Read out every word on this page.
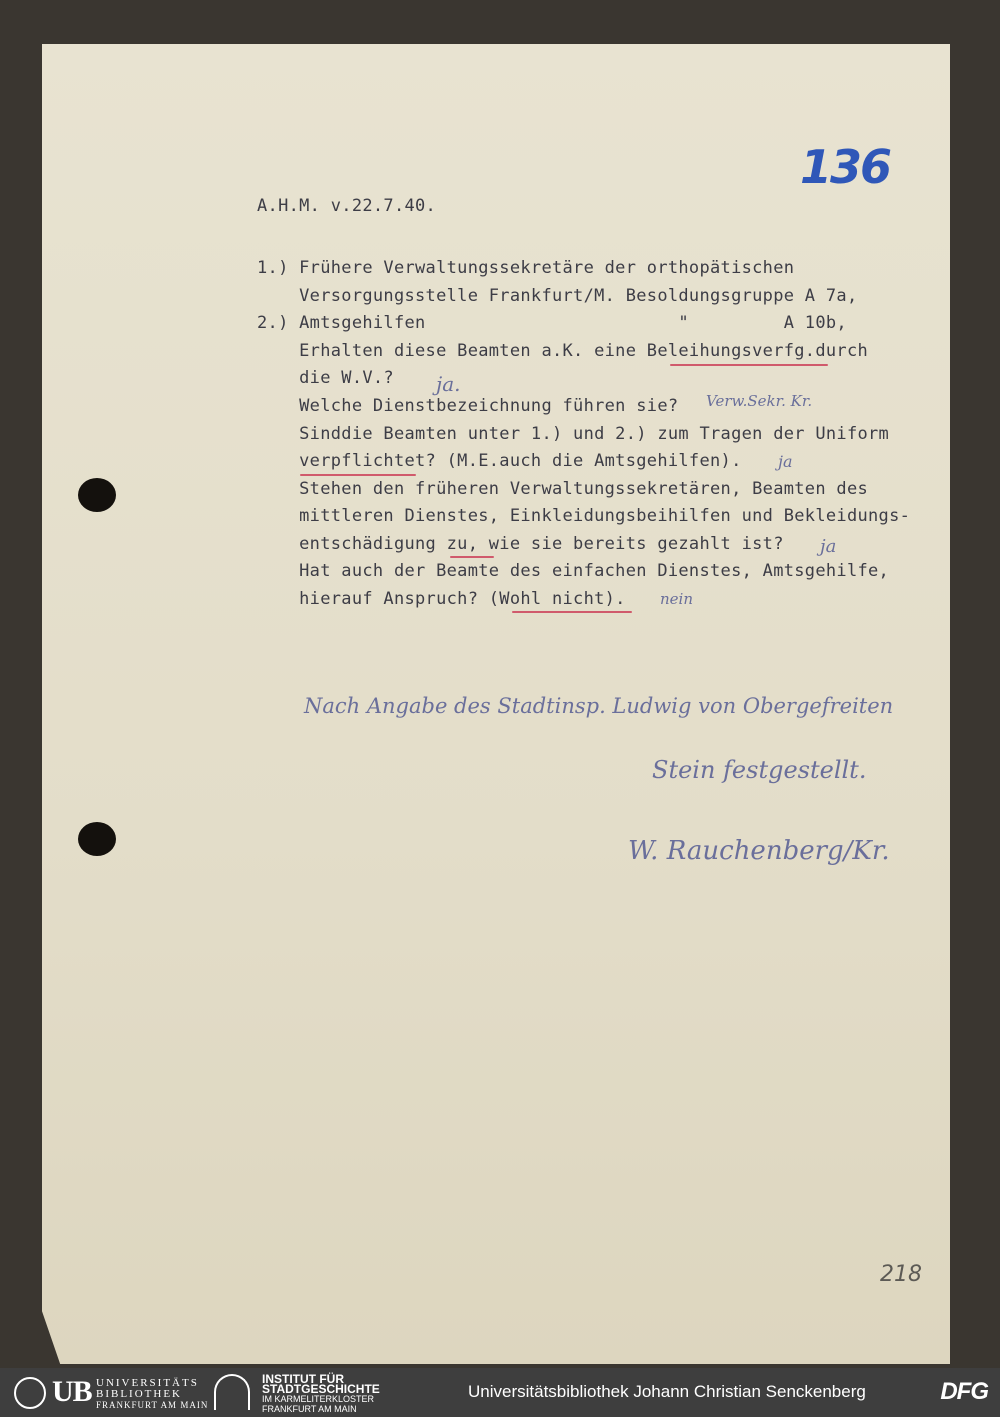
136
A.H.M. v.22.7.40.
1.) Frühere Verwaltungssekretäre der orthopätischen
Versorgungsstelle Frankfurt/M. Besoldungsgruppe A 7a,
2.) Amtsgehilfen                        "         A 10b,
Erhalten diese Beamten a.K. eine Beleihungsverfg.durch
die W.V.?
Welche Dienstbezeichnung führen sie?
Sinddie Beamten unter 1.) und 2.) zum Tragen der Uniform
verpflichtet? (M.E.auch die Amtsgehilfen).
Stehen den früheren Verwaltungssekretären, Beamten des
mittleren Dienstes, Einkleidungsbeihilfen und Bekleidungs-
entschädigung zu, wie sie bereits gezahlt ist?
Hat auch der Beamte des einfachen Dienstes, Amtsgehilfe,
hierauf Anspruch? (Wohl nicht).
ja.
Verw.Sekr. Kr.
ja
ja
nein
Nach Angabe des Stadtinsp. Ludwig von Obergefreiten
Stein festgestellt.
W. Rauchenberg/Kr.
218
UB UNIVERSITÄTS
BIBLIOTHEK
FRANKFURT AM MAIN
INSTITUT FÜR
STADTGESCHICHTE
IM KARMELITERKLOSTER
FRANKFURT AM MAIN
Universitätsbibliothek Johann Christian Senckenberg	DFG
